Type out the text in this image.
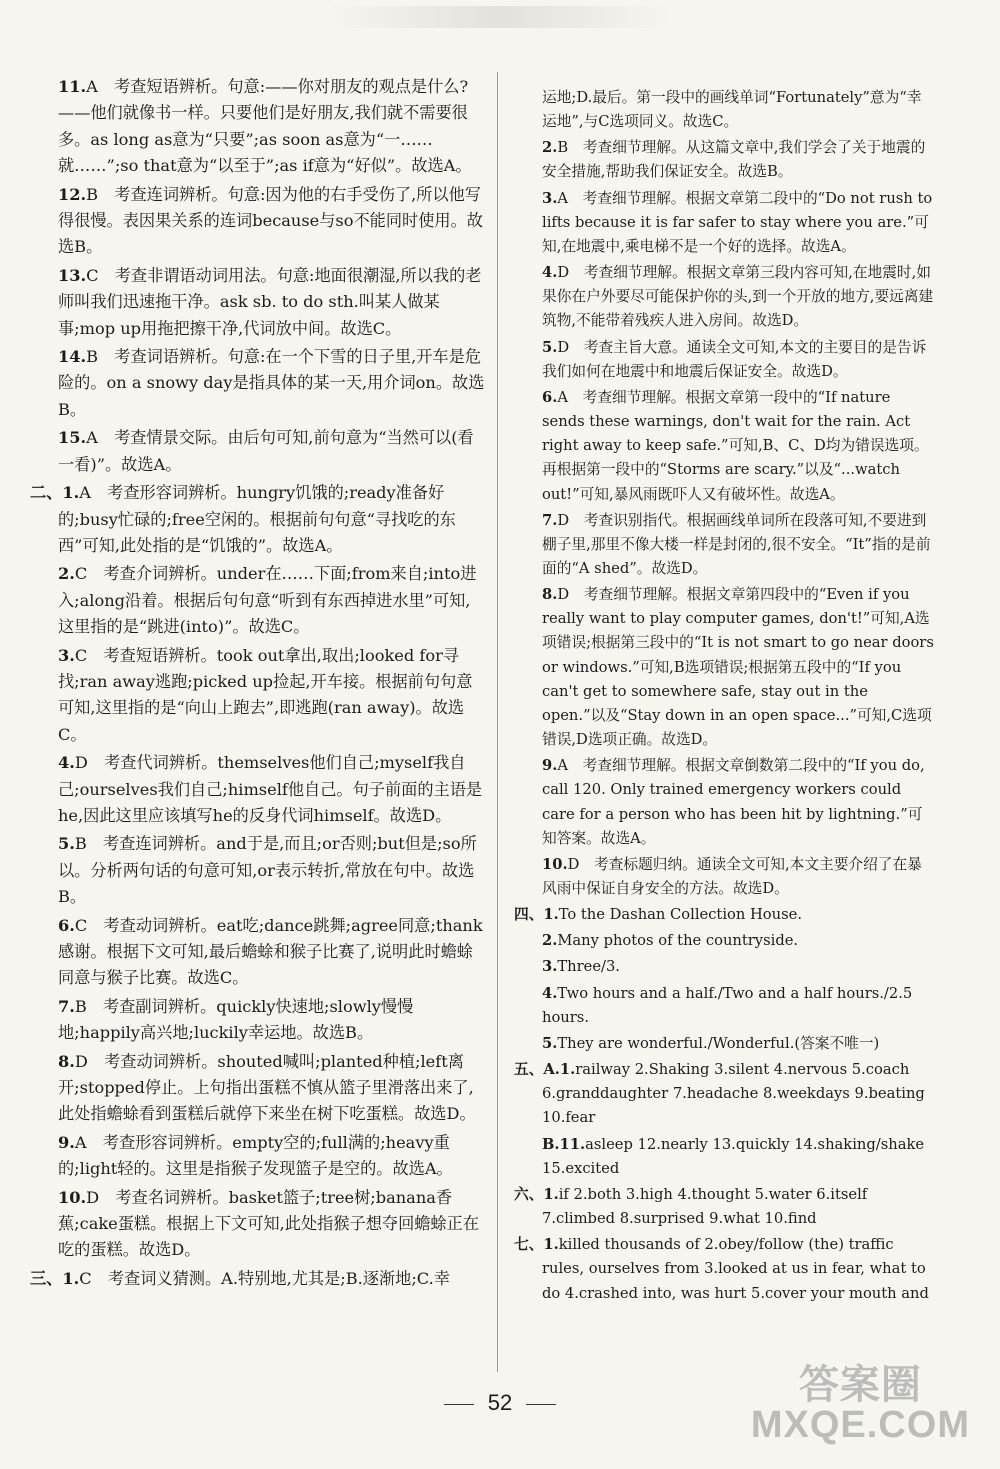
11.A  考查短语辨析。句意:——你对朋友的观点是什么?——他们就像书一样。只要他们是好朋友,我们就不需要很多。as long as意为“只要”;as soon as意为“一……就……”;so that意为“以至于”;as if意为“好似”。故选A。
12.B  考查连词辨析。句意:因为他的右手受伤了,所以他写得很慢。表因果关系的连词because与so不能同时使用。故选B。
13.C  考查非谓语动词用法。句意:地面很潮湿,所以我的老师叫我们迅速拖干净。ask sb. to do sth.叫某人做某事;mop up用拖把擦干净,代词放中间。故选C。
14.B  考查词语辨析。句意:在一个下雪的日子里,开车是危险的。on a snowy day是指具体的某一天,用介词on。故选B。
15.A  考查情景交际。由后句可知,前句意为“当然可以(看一看)”。故选A。
二、1.A  考查形容词辨析。hungry饥饿的;ready准备好的;busy忙碌的;free空闲的。根据前句句意“寻找吃的东西”可知,此处指的是“饥饿的”。故选A。
2.C  考查介词辨析。under在……下面;from来自;into进入;along沿着。根据后句句意“听到有东西掉进水里”可知,这里指的是“跳进(into)”。故选C。
3.C  考查短语辨析。took out拿出,取出;looked for寻找;ran away逃跑;picked up捡起,开车接。根据前句句意可知,这里指的是“向山上跑去”,即逃跑(ran away)。故选C。
4.D  考查代词辨析。themselves他们自己;myself我自己;ourselves我们自己;himself他自己。句子前面的主语是he,因此这里应该填写he的反身代词himself。故选D。
5.B  考查连词辨析。and于是,而且;or否则;but但是;so所以。分析两句话的句意可知,or表示转折,常放在句中。故选B。
6.C  考查动词辨析。eat吃;dance跳舞;agree同意;thank感谢。根据下文可知,最后蟾蜍和猴子比赛了,说明此时蟾蜍同意与猴子比赛。故选C。
7.B  考查副词辨析。quickly快速地;slowly慢慢地;happily高兴地;luckily幸运地。故选B。
8.D  考查动词辨析。shouted喊叫;planted种植;left离开;stopped停止。上句指出蛋糕不慎从篮子里滑落出来了,此处指蟾蜍看到蛋糕后就停下来坐在树下吃蛋糕。故选D。
9.A  考查形容词辨析。empty空的;full满的;heavy重的;light轻的。这里是指猴子发现篮子是空的。故选A。
10.D  考查名词辨析。basket篮子;tree树;banana香蕉;cake蛋糕。根据上下文可知,此处指猴子想夺回蟾蜍正在吃的蛋糕。故选D。
三、1.C  考查词义猜测。A.特别地,尤其是;B.逐渐地;C.幸
运地;D.最后。第一段中的画线单词“Fortunately”意为“幸运地”,与C选项同义。故选C。
2.B  考查细节理解。从这篇文章中,我们学会了关于地震的安全措施,帮助我们保证安全。故选B。
3.A  考查细节理解。根据文章第二段中的“Do not rush to lifts because it is far safer to stay where you are.”可知,在地震中,乘电梯不是一个好的选择。故选A。
4.D  考查细节理解。根据文章第三段内容可知,在地震时,如果你在户外要尽可能保护你的头,到一个开放的地方,要远离建筑物,不能带着残疾人进入房间。故选D。
5.D  考查主旨大意。通读全文可知,本文的主要目的是告诉我们如何在地震中和地震后保证安全。故选D。
6.A  考查细节理解。根据文章第一段中的“If nature sends these warnings, don't wait for the rain. Act right away to keep safe.”可知,B、C、D均为错误选项。再根据第一段中的“Storms are scary.”以及“...watch out!”可知,暴风雨既吓人又有破坏性。故选A。
7.D  考查识别指代。根据画线单词所在段落可知,不要进到棚子里,那里不像大楼一样是封闭的,很不安全。“It”指的是前面的“A shed”。故选D。
8.D  考查细节理解。根据文章第四段中的“Even if you really want to play computer games, don't!”可知,A选项错误;根据第三段中的“It is not smart to go near doors or windows.”可知,B选项错误;根据第五段中的“If you can't get to somewhere safe, stay out in the open.”以及“Stay down in an open space...”可知,C选项错误,D选项正确。故选D。
9.A  考查细节理解。根据文章倒数第二段中的“If you do, call 120. Only trained emergency workers could care for a person who has been hit by lightning.”可知答案。故选A。
10.D  考查标题归纳。通读全文可知,本文主要介绍了在暴风雨中保证自身安全的方法。故选D。
四、1.To the Dashan Collection House.
2.Many photos of the countryside.
3.Three/3.
4.Two hours and a half./Two and a half hours./2.5 hours.
5.They are wonderful./Wonderful.(答案不唯一)
五、A.1.railway 2.Shaking 3.silent 4.nervous 5.coach 6.granddaughter 7.headache 8.weekdays 9.beating 10.fear
B.11.asleep 12.nearly 13.quickly 14.shaking/shake 15.excited
六、1.if 2.both 3.high 4.thought 5.water 6.itself 7.climbed 8.surprised 9.what 10.find
七、1.killed thousands of 2.obey/follow (the) traffic rules, ourselves from 3.looked at us in fear, what to do 4.crashed into, was hurt 5.cover your mouth and
52	答案圈
MXQE.COM
